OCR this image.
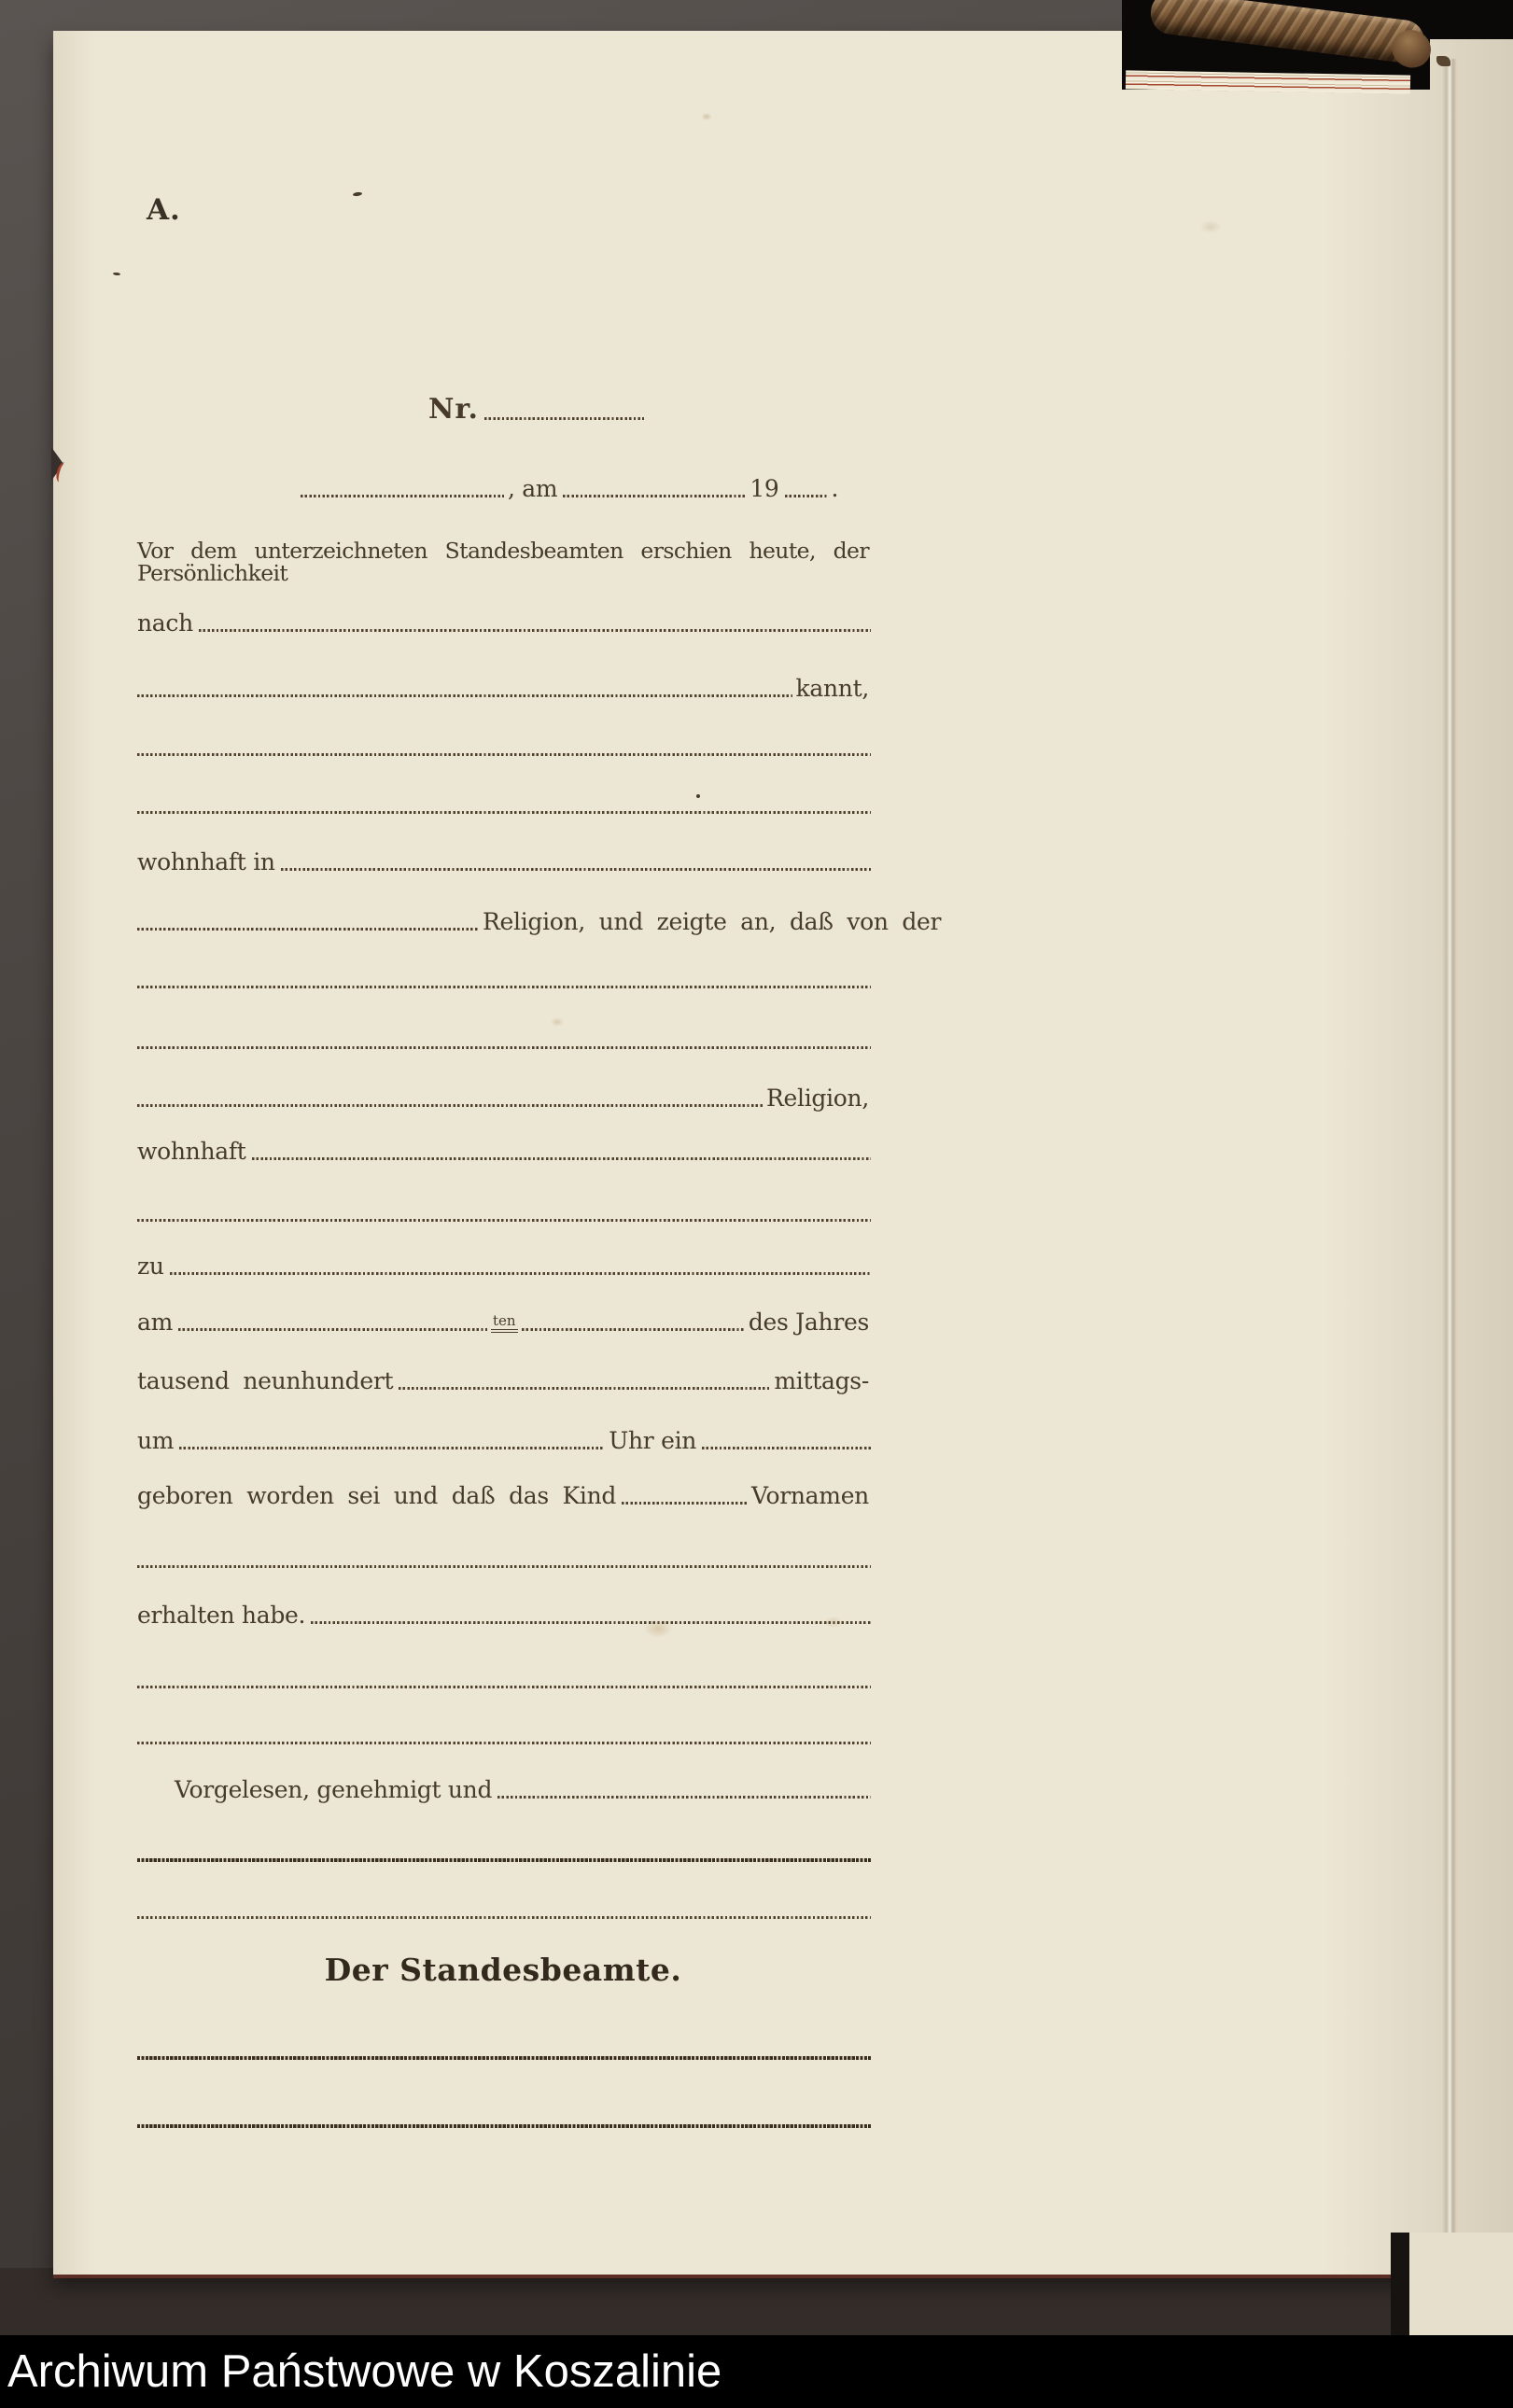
A.
Nr.
, am	19 .
Vor dem unterzeichneten Standesbeamten erschien heute, der Persönlichkeit
nach
kannt,
wohnhaft in
Religion, und zeigte an, daß von der
Religion,
wohnhaft
zu
am	ten	des Jahres
tausend neunhundert	mittags-
um	Uhr ein
geboren worden sei und daß das Kind	Vornamen
erhalten habe.
Vorgelesen, genehmigt und
Der Standesbeamte.
Archiwum Państwowe w Koszalinie
